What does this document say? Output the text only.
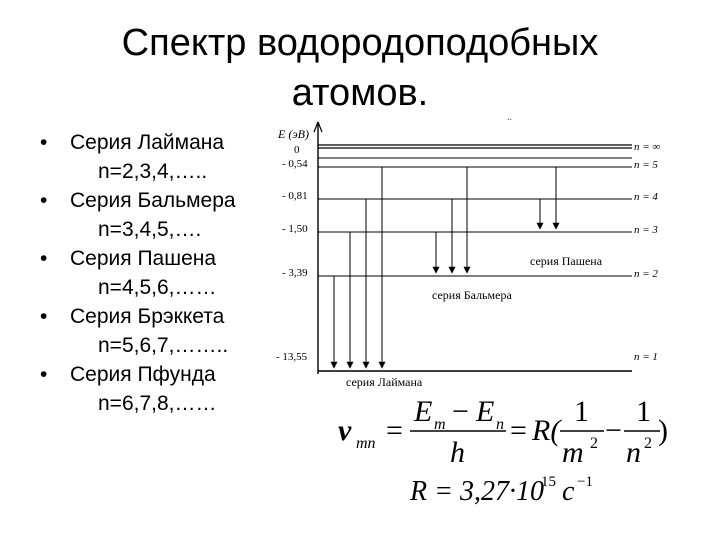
Спектр водородоподобных
атомов.
• Серия Лаймана
n=2,3,4,…..
• Серия Бальмера
n=3,4,5,….
• Серия Пашена
n=4,5,6,……
• Серия Брэккета
n=5,6,7,……..
• Серия Пфунда
n=6,7,8,……
E (эВ)
0
- 0,54
- 0,81
- 1,50
- 3,39
- 13,55
n = ∞
n = 5
n = 4
n = 3
n = 2
n = 1
серия Лаймана
серия Бальмера
серия Пашена
..
ν mn =
E m − E n
h
= R(
1
m 2 −
1
n 2 )
R = 3,27·10
15 c −1
